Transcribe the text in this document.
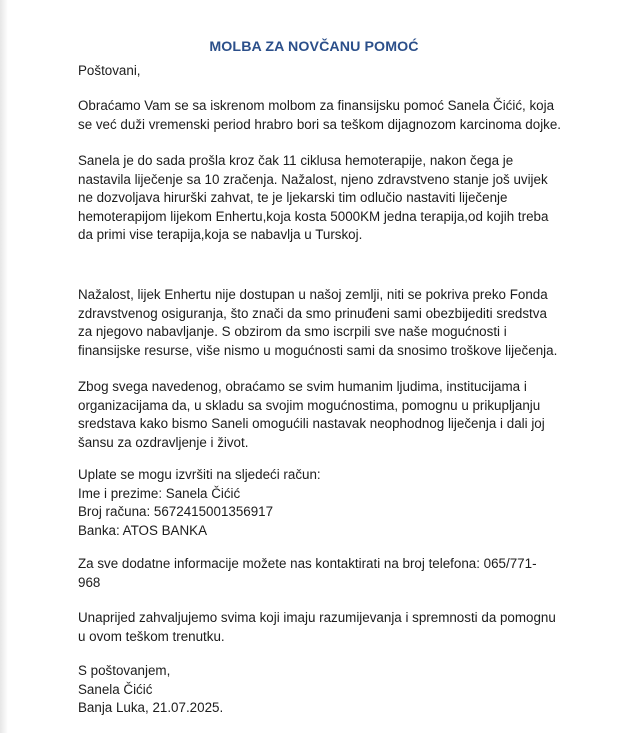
MOLBA ZA NOVČANU POMOĆ

Poštovani,

Obraćamo Vam se sa iskrenom molbom za finansijsku pomoć Sanela Čićić, koja
se već duži vremenski period hrabro bori sa teškom dijagnozom karcinoma dojke.

Sanela je do sada prošla kroz čak 11 ciklusa hemoterapije, nakon čega je
nastavila liječenje sa 10 zračenja. Nažalost, njeno zdravstveno stanje još uvijek
ne dozvoljava hirurški zahvat, te je ljekarski tim odlučio nastaviti liječenje
hemoterapijom lijekom Enhertu,koja kosta 5000KM jedna terapija,od kojih treba
da primi vise terapija,koja se nabavlja u Turskoj.

Nažalost, lijek Enhertu nije dostupan u našoj zemlji, niti se pokriva preko Fonda
zdravstvenog osiguranja, što znači da smo prinuđeni sami obezbijediti sredstva
za njegovo nabavljanje. S obzirom da smo iscrpili sve naše mogućnosti i
finansijske resurse, više nismo u mogućnosti sami da snosimo troškove liječenja.

Zbog svega navedenog, obraćamo se svim humanim ljudima, institucijama i
organizacijama da, u skladu sa svojim mogućnostima, pomognu u prikupljanju
sredstava kako bismo Saneli omogućili nastavak neophodnog liječenja i dali joj
šansu za ozdravljenje i život.

Uplate se mogu izvršiti na sljedeći račun:
Ime i prezime: Sanela Čićić
Broj računa: 5672415001356917
Banka: ATOS BANKA

Za sve dodatne informacije možete nas kontaktirati na broj telefona: 065/771-
968

Unaprijed zahvaljujemo svima koji imaju razumijevanja i spremnosti da pomognu
u ovom teškom trenutku.

S poštovanjem,
Sanela Čićić
Banja Luka, 21.07.2025.
